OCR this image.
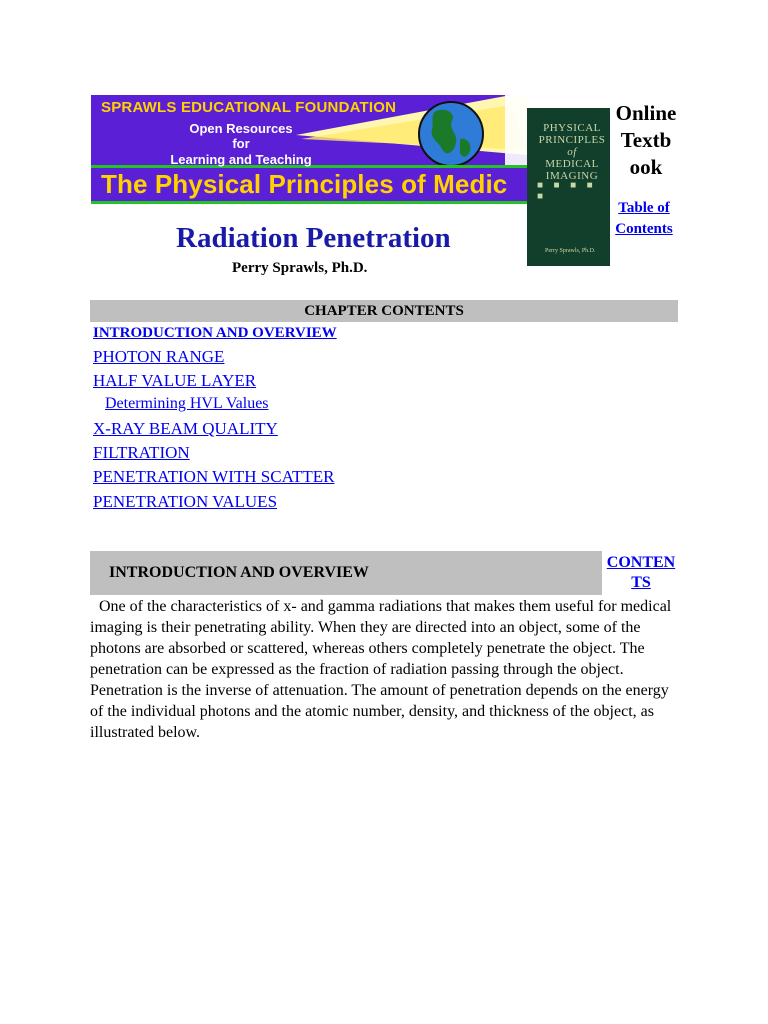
SPRAWLS EDUCATIONAL FOUNDATION
Open Resources
for
Learning and Teaching
The Physical Principles of Medic
PHYSICAL
PRINCIPLES
of
MEDICAL
IMAGING
■ ■ ■ ■ ■
Perry Sprawls, Ph.D.
Online
Textb
ook
Table of
Contents
Radiation Penetration
Perry Sprawls, Ph.D.
CHAPTER CONTENTS
INTRODUCTION AND OVERVIEW
PHOTON RANGE
HALF VALUE LAYER
Determining HVL Values
X-RAY BEAM QUALITY
FILTRATION
PENETRATION WITH SCATTER
PENETRATION VALUES
INTRODUCTION AND OVERVIEW
CONTEN
TS

One of the characteristics of x- and gamma radiations that makes them useful for medical imaging is their penetrating ability. When they are directed into an object, some of the photons are absorbed or scattered, whereas others completely penetrate the object. The penetration can be expressed as the fraction of radiation passing through the object. Penetration is the inverse of attenuation. The amount of penetration depends on the energy of the individual photons and the atomic number, density, and thickness of the object, as illustrated below.
